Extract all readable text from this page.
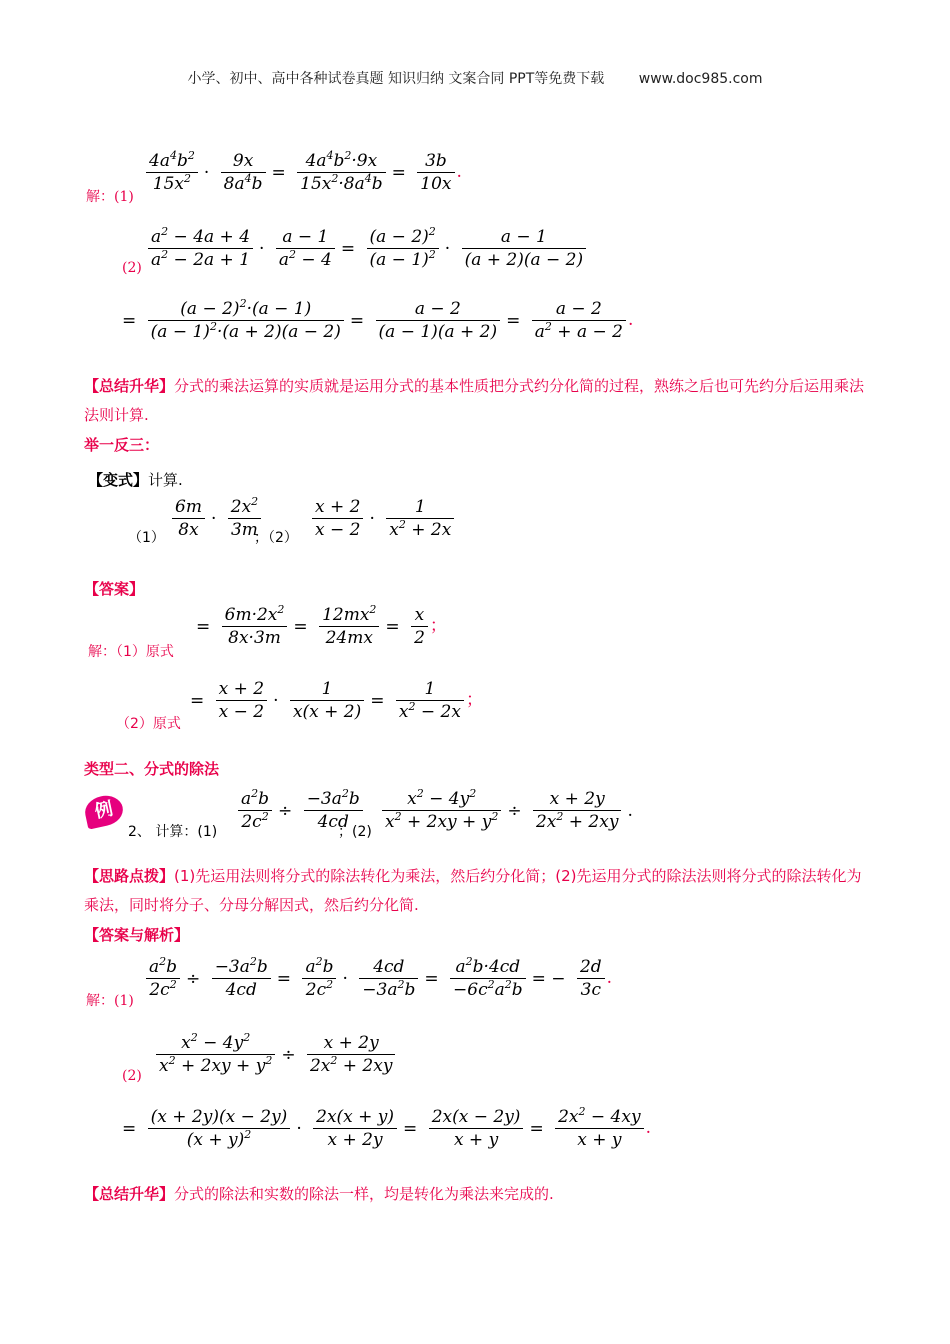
小学、初中、高中各种试卷真题 知识归纳 文案合同 PPT等免费下载 www.doc985.com
解：(1)
$\frac{4a^4b^2}{15x^2} \cdot \frac{9x}{8a^4b} = \frac{4a^4b^2\cdot 9x}{15x^2\cdot 8a^4b} = \frac{3b}{10x}$ .
$(2) \frac{a^2 - 4a + 4}{a^2 - 2a + 1} \cdot \frac{a - 1}{a^2 - 4} = \frac{(a - 2)^2}{(a - 1)^2} \cdot \frac{a - 1}{(a + 2)(a - 2)}$
= $\frac{(a - 2)^2\cdot(a - 1)}{(a - 1)^2\cdot(a + 2)(a - 2)} = \frac{a - 2}{(a - 1)(a + 2)} = \frac{a - 2}{a^2 + a - 2}$ .
【总结升华】分式的乘法运算的实质就是运用分式的基本性质把分式约分化简的过程，熟练之后也可先约分后运用乘法法则计算.
举一反三：
【变式】计算.
$(1) \frac{6m}{8x} \cdot \frac{2x^2}{3m}$
；$(2) \frac{x + 2}{x - 2} \cdot \frac{1}{x^2 + 2x}$
【答案】
解：（1）原式
= $\frac{6m\cdot 2x^2}{8x\cdot 3m} = \frac{12mx^2}{24mx} = \frac{x}{2}$ ；
（2）原式
= $\frac{x + 2}{x - 2} \cdot \frac{1}{x(x + 2)} = \frac{1}{x^2 - 2x}$ ；
类型二、分式的除法
例
2、 计算：$(1) \frac{a^2b}{2c^2} \div \frac{-3a^2b}{4cd}$
；$(2) \frac{x^2 - 4y^2}{x^2 + 2xy + y^2} \div \frac{x + 2y}{2x^2 + 2xy}$ .
【思路点拨】(1)先运用法则将分式的除法转化为乘法，然后约分化简；(2)先运用分式的除法法则将分式的除法转化为乘法，同时将分子、分母分解因式，然后约分化简.
【答案与解析】
解：$(1) \frac{a^2b}{2c^2} \div \frac{-3a^2b}{4cd} = \frac{a^2b}{2c^2} \cdot \frac{4cd}{-3a^2b} = \frac{a^2b\cdot 4cd}{-6c^2a^2b}$ = − $\frac{2d}{3c}$ .
$(2) \frac{x^2 - 4y^2}{x^2 + 2xy + y^2} \div \frac{x + 2y}{2x^2 + 2xy}$
= $\frac{(x + 2y)(x - 2y)}{(x + y)^2} \cdot \frac{2x(x + y)}{x + 2y} = \frac{2x(x - 2y)}{x + y} = \frac{2x^2 - 4xy}{x + y}$ .
【总结升华】分式的除法和实数的除法一样，均是转化为乘法来完成的.
